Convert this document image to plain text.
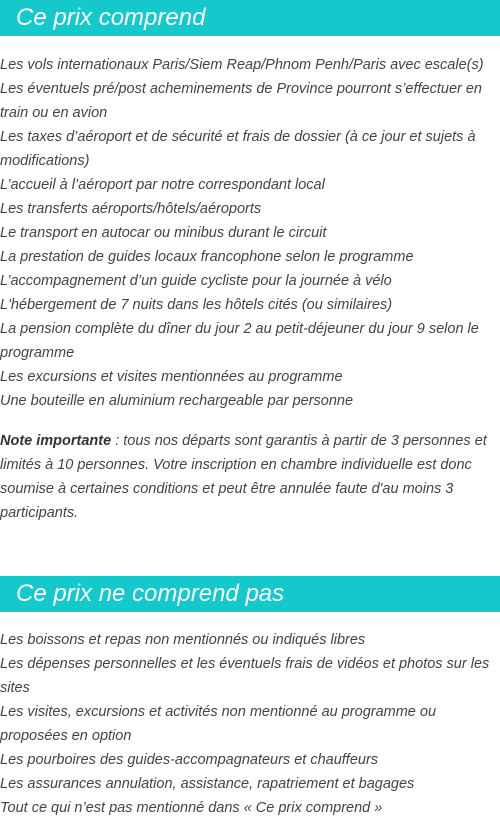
Ce prix comprend
Les vols internationaux Paris/Siem Reap/Phnom Penh/Paris avec escale(s)
Les éventuels pré/post acheminements de Province pourront s’effectuer en train ou en avion
Les taxes d’aéroport et de sécurité et frais de dossier (à ce jour et sujets à modifications)
L’accueil à l’aéroport par notre correspondant local
Les transferts aéroports/hôtels/aéroports
Le transport en autocar ou minibus durant le circuit
La prestation de guides locaux francophone selon le programme
L’accompagnement d’un guide cycliste pour la journée à vélo
L'hébergement de 7 nuits dans les hôtels cités (ou similaires)
La pension complète du dîner du jour 2 au petit-déjeuner du jour 9 selon le programme
Les excursions et visites mentionnées au programme
Une bouteille en aluminium rechargeable par personne

Note importante : tous nos départs sont garantis à partir de 3 personnes et limités à 10 personnes. Votre inscription en chambre individuelle est donc soumise à certaines conditions et peut être annulée faute d'au moins 3 participants.

Ce prix ne comprend pas
Les boissons et repas non mentionnés ou indiqués libres
Les dépenses personnelles et les éventuels frais de vidéos et photos sur les sites
Les visites, excursions et activités non mentionné au programme ou proposées en option
Les pourboires des guides-accompagnateurs et chauffeurs
Les assurances annulation, assistance, rapatriement et bagages
Tout ce qui n’est pas mentionné dans « Ce prix comprend »
